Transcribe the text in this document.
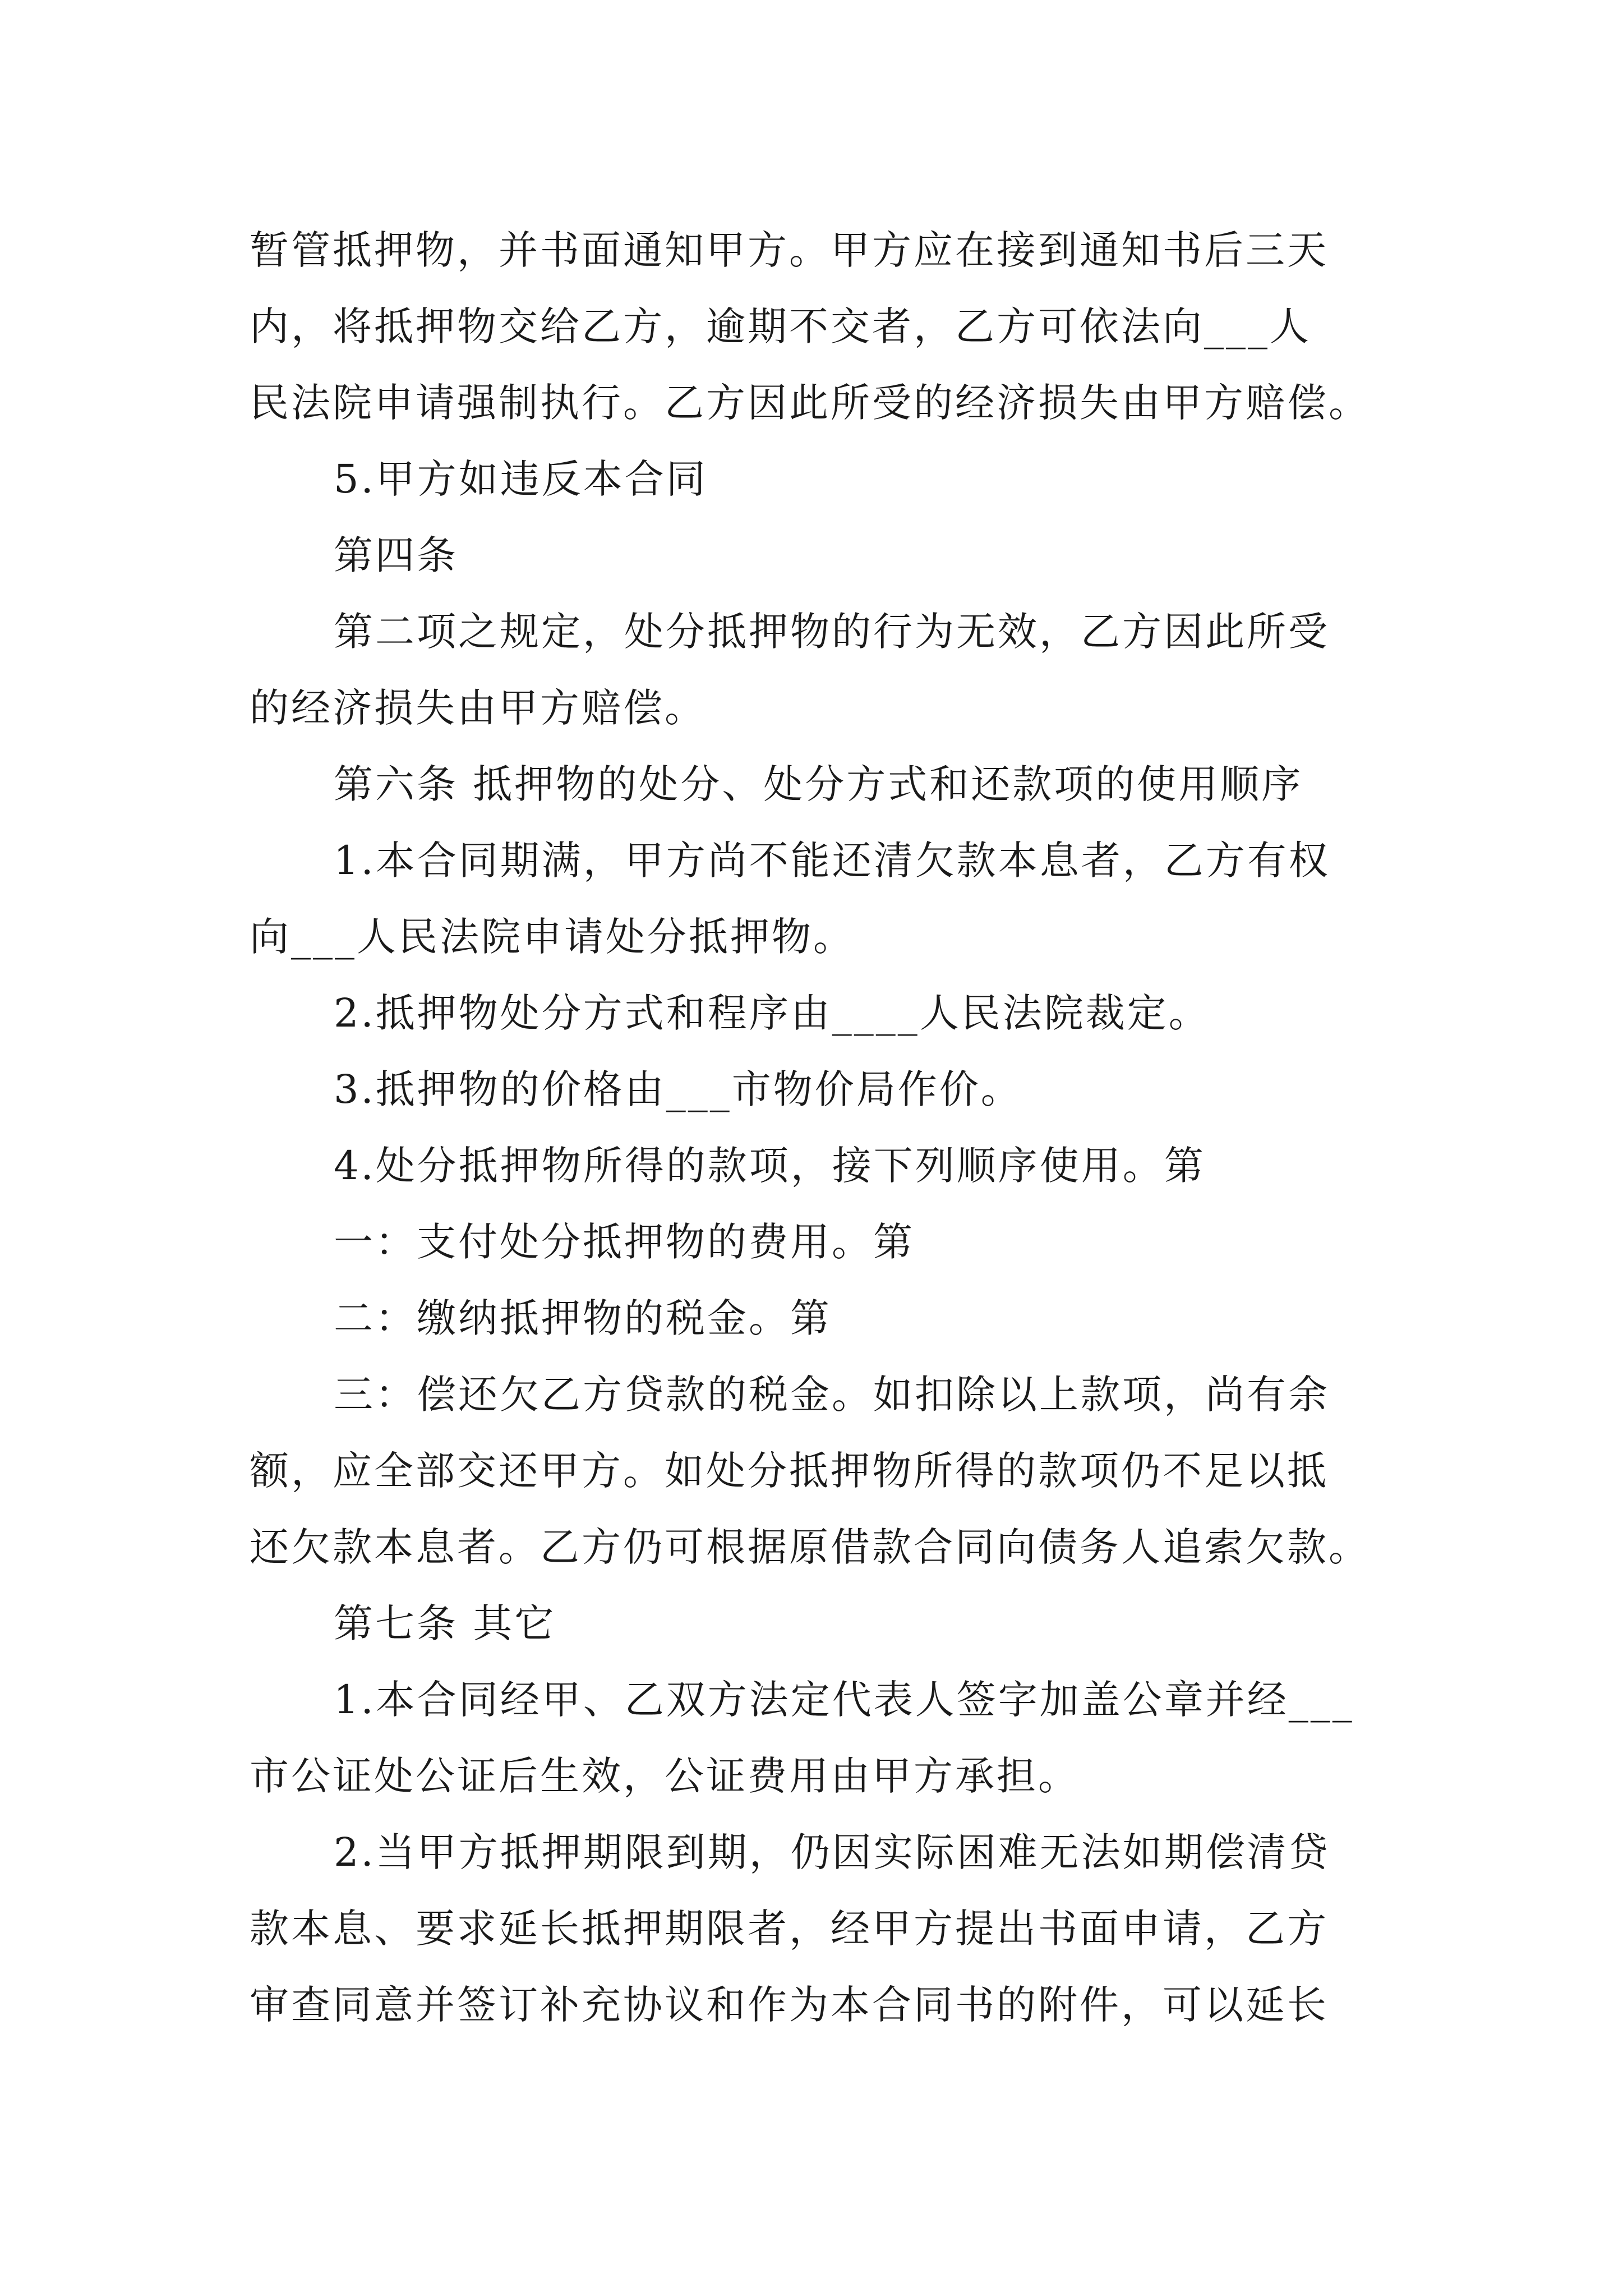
暂管抵押物，并书面通知甲方。甲方应在接到通知书后三天
内，将抵押物交给乙方，逾期不交者，乙方可依法向___人
民法院申请强制执行。乙方因此所受的经济损失由甲方赔偿。
5.甲方如违反本合同
第四条
第二项之规定，处分抵押物的行为无效，乙方因此所受
的经济损失由甲方赔偿。
第六条 抵押物的处分、处分方式和还款项的使用顺序
1.本合同期满，甲方尚不能还清欠款本息者，乙方有权
向___人民法院申请处分抵押物。
2.抵押物处分方式和程序由____人民法院裁定。
3.抵押物的价格由___市物价局作价。
4.处分抵押物所得的款项，接下列顺序使用。第
一：支付处分抵押物的费用。第
二：缴纳抵押物的税金。第
三：偿还欠乙方贷款的税金。如扣除以上款项，尚有余
额，应全部交还甲方。如处分抵押物所得的款项仍不足以抵
还欠款本息者。乙方仍可根据原借款合同向债务人追索欠款。
第七条 其它
1.本合同经甲、乙双方法定代表人签字加盖公章并经___
市公证处公证后生效，公证费用由甲方承担。
2.当甲方抵押期限到期，仍因实际困难无法如期偿清贷
款本息、要求延长抵押期限者，经甲方提出书面申请，乙方
审查同意并签订补充协议和作为本合同书的附件，可以延长
